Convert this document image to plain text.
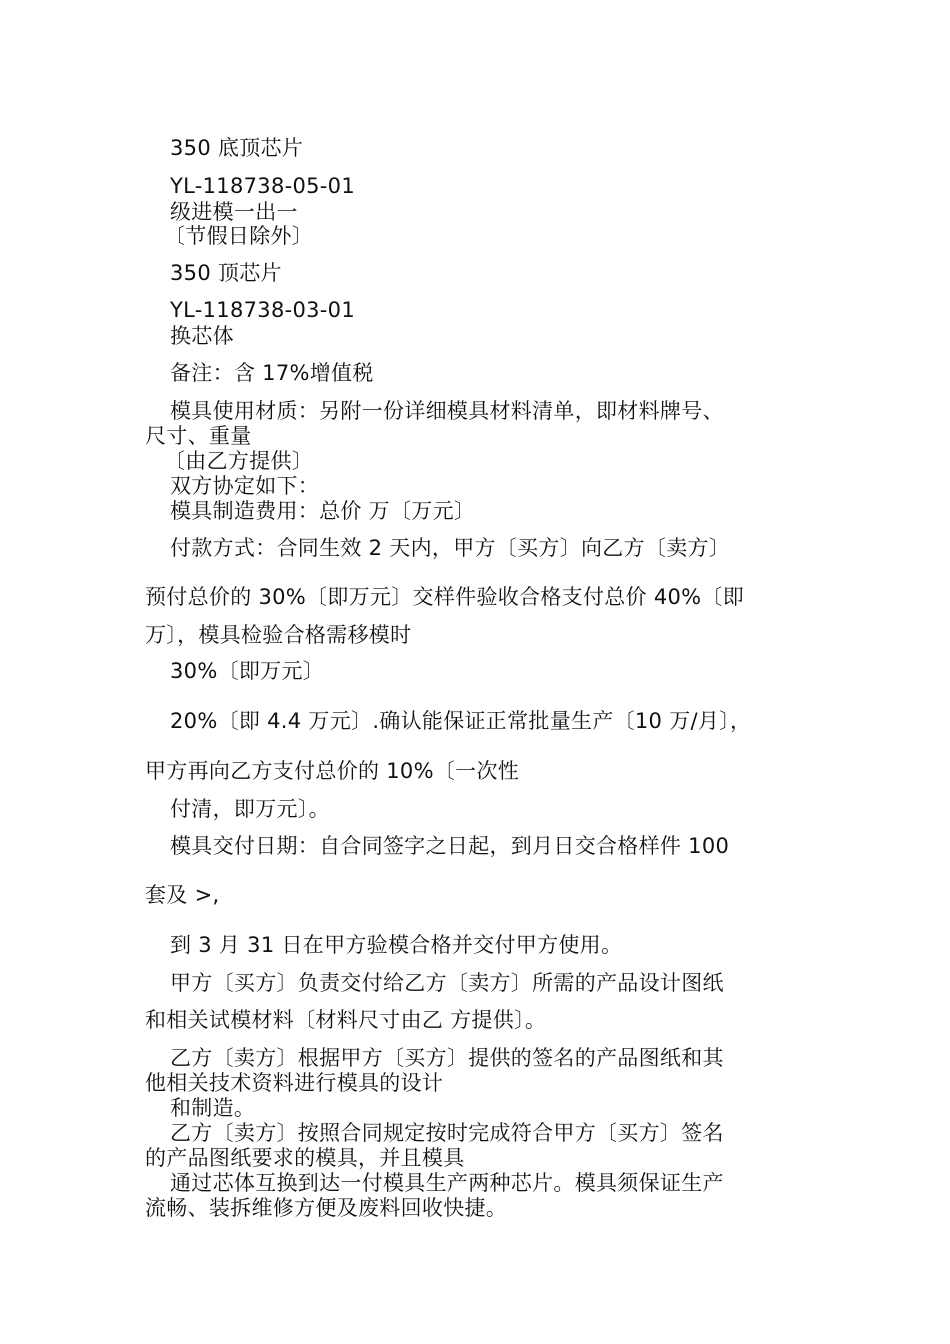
350 底顶芯片
YL-118738-05-01
级进模一出一
〔节假日除外〕
350 顶芯片
YL-118738-03-01
换芯体
备注：含 17%增值税
模具使用材质：另附一份详细模具材料清单，即材料牌号、
尺寸、重量
〔由乙方提供〕
双方协定如下：
模具制造费用：总价 万〔万元〕
付款方式：合同生效 2 天内，甲方〔买方〕向乙方〔卖方〕
预付总价的 30%〔即万元〕交样件验收合格支付总价 40%〔即
万〕，模具检验合格需移模时
30%〔即万元〕
20%〔即 4.4 万元〕.确认能保证正常批量生产〔10 万/月〕，
甲方再向乙方支付总价的 10%〔一次性
付清，即万元〕。
模具交付日期：自合同签字之日起，到月日交合格样件 100
套及 >,
到 3 月 31 日在甲方验模合格并交付甲方使用。
甲方〔买方〕负责交付给乙方〔卖方〕所需的产品设计图纸
和相关试模材料〔材料尺寸由乙 方提供〕。
乙方〔卖方〕根据甲方〔买方〕提供的签名的产品图纸和其
他相关技术资料进行模具的设计
和制造。
乙方〔卖方〕按照合同规定按时完成符合甲方〔买方〕签名
的产品图纸要求的模具，并且模具
通过芯体互换到达一付模具生产两种芯片。模具须保证生产
流畅、装拆维修方便及废料回收快捷。
